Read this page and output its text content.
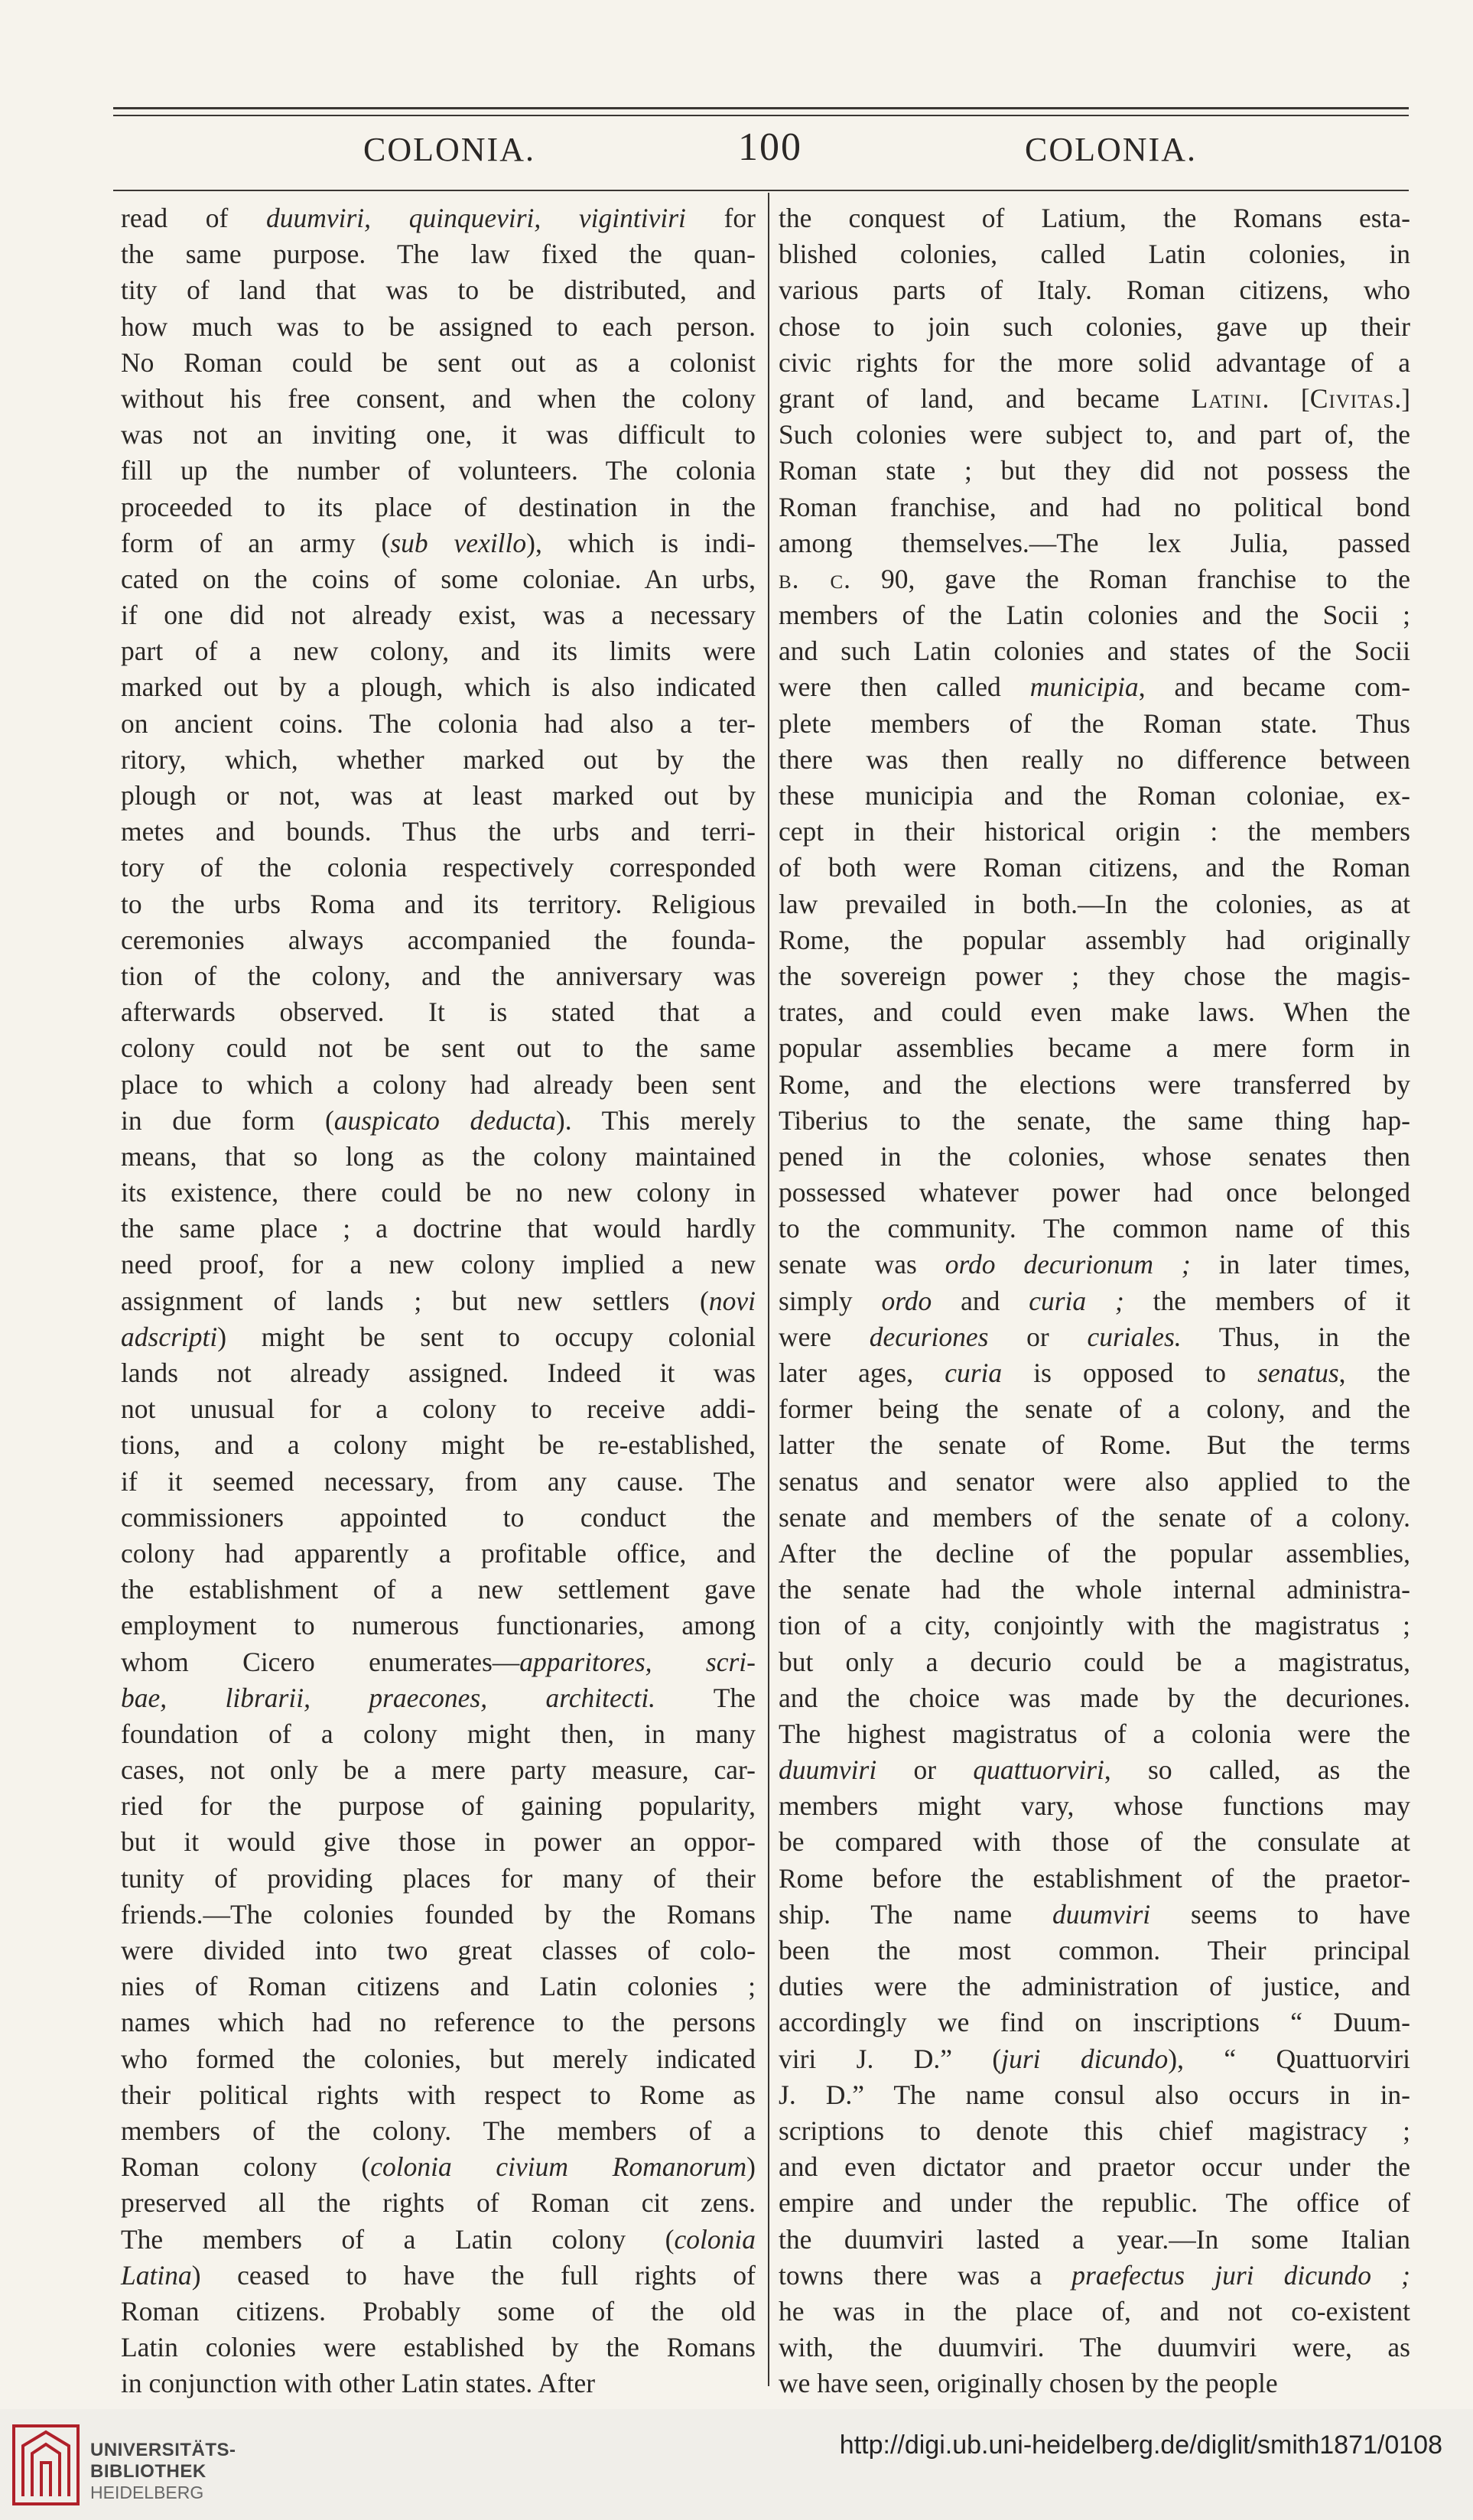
COLONIA.	100	COLONIA.
read of duumviri, quinqueviri, vigintiviri for
the same purpose. The law fixed the quan-
tity of land that was to be distributed, and
how much was to be assigned to each person.
No Roman could be sent out as a colonist
without his free consent, and when the colony
was not an inviting one, it was difficult to
fill up the number of volunteers. The colonia
proceeded to its place of destination in the
form of an army (sub vexillo), which is indi-
cated on the coins of some coloniae. An urbs,
if one did not already exist, was a necessary
part of a new colony, and its limits were
marked out by a plough, which is also indicated
on ancient coins. The colonia had also a ter-
ritory, which, whether marked out by the
plough or not, was at least marked out by
metes and bounds. Thus the urbs and terri-
tory of the colonia respectively corresponded
to the urbs Roma and its territory. Religious
ceremonies always accompanied the founda-
tion of the colony, and the anniversary was
afterwards observed. It is stated that a
colony could not be sent out to the same
place to which a colony had already been sent
in due form (auspicato deducta). This merely
means, that so long as the colony maintained
its existence, there could be no new colony in
the same place ; a doctrine that would hardly
need proof, for a new colony implied a new
assignment of lands ; but new settlers (novi
adscripti) might be sent to occupy colonial
lands not already assigned. Indeed it was
not unusual for a colony to receive addi-
tions, and a colony might be re-established,
if it seemed necessary, from any cause. The
commissioners appointed to conduct the
colony had apparently a profitable office, and
the establishment of a new settlement gave
employment to numerous functionaries, among
whom Cicero enumerates—apparitores, scri-
bae, librarii, praecones, architecti. The
foundation of a colony might then, in many
cases, not only be a mere party measure, car-
ried for the purpose of gaining popularity,
but it would give those in power an oppor-
tunity of providing places for many of their
friends.—The colonies founded by the Romans
were divided into two great classes of colo-
nies of Roman citizens and Latin colonies ;
names which had no reference to the persons
who formed the colonies, but merely indicated
their political rights with respect to Rome as
members of the colony. The members of a
Roman colony (colonia civium Romanorum)
preserved all the rights of Roman cit zens.
The members of a Latin colony (colonia
Latina) ceased to have the full rights of
Roman citizens. Probably some of the old
Latin colonies were established by the Romans
in conjunction with other Latin states. After
the conquest of Latium, the Romans esta-
blished colonies, called Latin colonies, in
various parts of Italy. Roman citizens, who
chose to join such colonies, gave up their
civic rights for the more solid advantage of a
grant of land, and became Latini. [Civitas.]
Such colonies were subject to, and part of, the
Roman state ; but they did not possess the
Roman franchise, and had no political bond
among themselves.—The lex Julia, passed
b. c. 90, gave the Roman franchise to the
members of the Latin colonies and the Socii ;
and such Latin colonies and states of the Socii
were then called municipia, and became com-
plete members of the Roman state. Thus
there was then really no difference between
these municipia and the Roman coloniae, ex-
cept in their historical origin : the members
of both were Roman citizens, and the Roman
law prevailed in both.—In the colonies, as at
Rome, the popular assembly had originally
the sovereign power ; they chose the magis-
trates, and could even make laws. When the
popular assemblies became a mere form in
Rome, and the elections were transferred by
Tiberius to the senate, the same thing hap-
pened in the colonies, whose senates then
possessed whatever power had once belonged
to the community. The common name of this
senate was ordo decurionum ; in later times,
simply ordo and curia ; the members of it
were decuriones or curiales. Thus, in the
later ages, curia is opposed to senatus, the
former being the senate of a colony, and the
latter the senate of Rome. But the terms
senatus and senator were also applied to the
senate and members of the senate of a colony.
After the decline of the popular assemblies,
the senate had the whole internal administra-
tion of a city, conjointly with the magistratus ;
but only a decurio could be a magistratus,
and the choice was made by the decuriones.
The highest magistratus of a colonia were the
duumviri or quattuorviri, so called, as the
members might vary, whose functions may
be compared with those of the consulate at
Rome before the establishment of the praetor-
ship. The name duumviri seems to have
been the most common. Their principal
duties were the administration of justice, and
accordingly we find on inscriptions “ Duum-
viri J. D.” (juri dicundo), “ Quattuorviri
J. D.” The name consul also occurs in in-
scriptions to denote this chief magistracy ;
and even dictator and praetor occur under the
empire and under the republic. The office of
the duumviri lasted a year.—In some Italian
towns there was a praefectus juri dicundo ;
he was in the place of, and not co-existent
with, the duumviri. The duumviri were, as
we have seen, originally chosen by the people
UNIVERSITÄTS-
BIBLIOTHEK
HEIDELBERG
http://digi.ub.uni-heidelberg.de/diglit/smith1871/0108
